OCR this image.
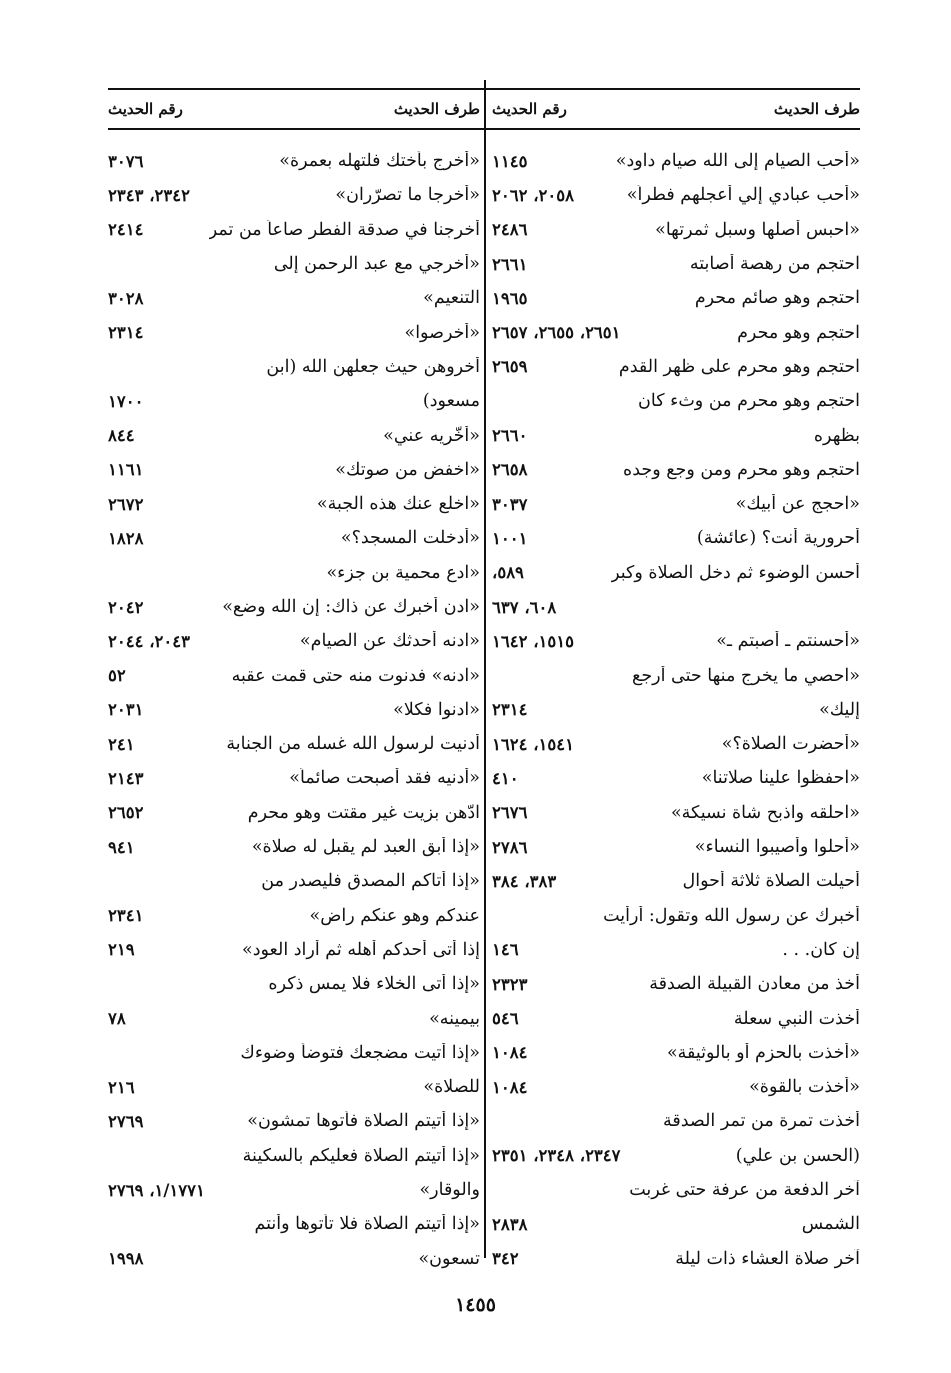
طرف الحديث
رقم الحديث
«أحب الصيام إلى الله صيام داود»
١١٤٥
«أحب عبادي إلي أعجلهم فطراً»
٢٠٥٨، ٢٠٦٢
«احبس أصلها وسبل ثمرتها»
٢٤٨٦
احتجم من رهصة أصابته
٢٦٦١
احتجم وهو صائم محرم
١٩٦٥
احتجم وهو محرم
٢٦٥١، ٢٦٥٥، ٢٦٥٧
احتجم وهو محرم على ظهر القدم
٢٦٥٩
احتجم وهو محرم من وثء كان
بظهره
٢٦٦٠
احتجم وهو محرم ومن وجع وجده
٢٦٥٨
«احجج عن أبيك»
٣٠٣٧
أحرورية أنت؟ (عائشة)
١٠٠١
أحسن الوضوء ثم دخل الصلاة وكبر
٥٨٩،
٦٠٨، ٦٣٧
«أحسنتم ـ أصبتم ـ»
١٥١٥، ١٦٤٢
«احصي ما يخرج منها حتى أرجع
إليك»
٢٣١٤
«أحضرت الصلاة؟»
١٥٤١، ١٦٢٤
«احفظوا علينا صلاتنا»
٤١٠
«احلقه واذبح شاة نسيكة»
٢٦٧٦
«أحلوا وأصيبوا النساء»
٢٧٨٦
أحيلت الصلاة ثلاثة أحوال
٣٨٣، ٣٨٤
أخبرك عن رسول الله وتقول: أرأيت
إن كان. . .
١٤٦
أخذ من معادن القبيلة الصدقة
٢٣٢٣
أخذت النبي سعلة
٥٤٦
«أخذت بالحزم أو بالوثيقة»
١٠٨٤
«أخذت بالقوة»
١٠٨٤
أخذت تمرة من تمر الصدقة
(الحسن بن علي)
٢٣٤٧، ٢٣٤٨، ٢٣٥١
آخر الدفعة من عرفة حتى غربت
الشمس
٢٨٣٨
آخر صلاة العشاء ذات ليلة
٣٤٢
طرف الحديث
رقم الحديث
«أخرج بأختك فلتهله بعمرة»
٣٠٧٦
«أخرجا ما تصرّران»
٢٣٤٢، ٢٣٤٣
أخرجنا في صدقة الفطر صاعاً من تمر
٢٤١٤
«أخرجي مع عبد الرحمن إلى
التنعيم»
٣٠٢٨
«أخرصوا»
٢٣١٤
أخروهن حيث جعلهن الله (ابن
مسعود)
١٧٠٠
«أخّريه عني»
٨٤٤
«اخفض من صوتك»
١١٦١
«اخلع عنك هذه الجبة»
٢٦٧٢
«أدخلت المسجد؟»
١٨٢٨
«ادع محمية بن جزء»
«ادن أخبرك عن ذاك: إن الله وضع»
٢٠٤٢
«ادنه أحدثك عن الصيام»
٢٠٤٣، ٢٠٤٤
«ادنه» فدنوت منه حتى قمت عقبه
٥٢
«ادنوا فكلا»
٢٠٣١
أدنيت لرسول الله غسله من الجنابة
٢٤١
«أدنيه فقد أصبحت صائماً»
٢١٤٣
ادّهن بزيت غير مقتت وهو محرم
٢٦٥٢
«إذا أبق العبد لم يقبل له صلاة»
٩٤١
«إذا أتاكم المصدق فليصدر من
عندكم وهو عنكم راض»
٢٣٤١
إذا أتى أحدكم أهله ثم أراد العود»
٢١٩
«إذا أتى الخلاء فلا يمس ذكره
بيمينه»
٧٨
«إذا أتيت مضجعك فتوضأ وضوءك
للصلاة»
٢١٦
«إذا أتيتم الصلاة فأتوها تمشون»
٢٧٦٩
«إذا أتيتم الصلاة فعليكم بالسكينة
والوقار»
١/١٧٧١، ٢٧٦٩
«إذا أتيتم الصلاة فلا تأتوها وأنتم
تسعون»
١٩٩٨
١٤٥٥
